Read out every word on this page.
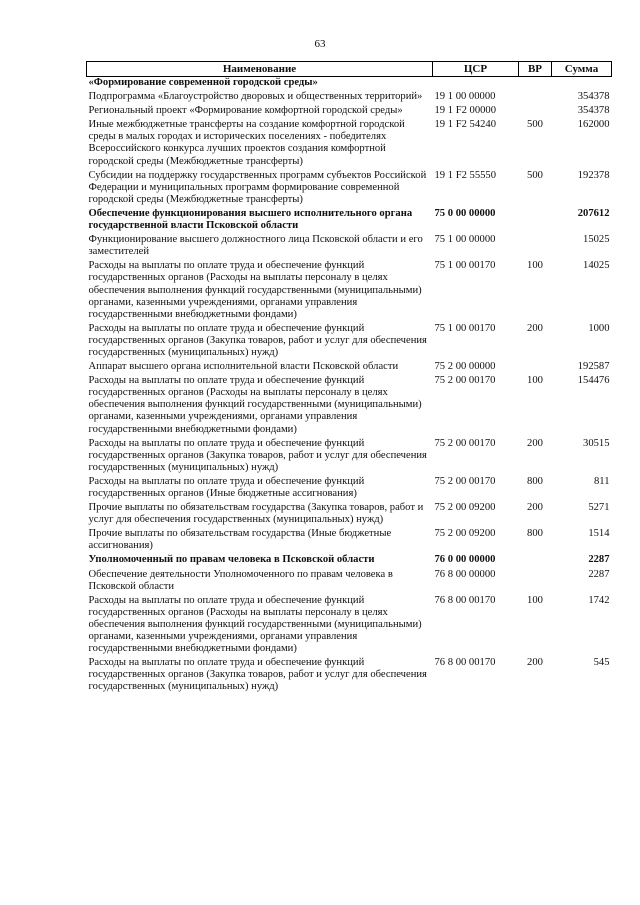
63
Наименование	ЦСР	ВР	Сумма
«Формирование современной городской среды»			
Подпрограмма «Благоустройство дворовых и общественных территорий»	19 1 00 00000		354378
Региональный проект «Формирование комфортной городской среды»	19 1 F2 00000		354378
Иные межбюджетные трансферты на создание комфортной городской среды в малых городах и исторических поселениях - победителях Всероссийского конкурса лучших проектов создания комфортной городской среды (Межбюджетные трансферты)	19 1 F2 54240	500	162000
Субсидии на поддержку государственных программ субъектов Российской Федерации и муниципальных программ формирование современной городской среды (Межбюджетные трансферты)	19 1 F2 55550	500	192378
Обеспечение функционирования высшего исполнительного органа государственной власти Псковской области	75 0 00 00000		207612
Функционирование высшего должностного лица Псковской области и его заместителей	75 1 00 00000		15025
Расходы на выплаты по оплате труда и обеспечение функций государственных органов (Расходы на выплаты персоналу в целях обеспечения выполнения функций государственными (муниципальными) органами, казенными учреждениями, органами управления государственными внебюджетными фондами)	75 1 00 00170	100	14025
Расходы на выплаты по оплате труда и обеспечение функций государственных органов (Закупка товаров, работ и услуг для обеспечения государственных (муниципальных) нужд)	75 1 00 00170	200	1000
Аппарат высшего органа исполнительной власти Псковской области	75 2 00 00000		192587
Расходы на выплаты по оплате труда и обеспечение функций государственных органов (Расходы на выплаты персоналу в целях обеспечения выполнения функций государственными (муниципальными) органами, казенными учреждениями, органами управления государственными внебюджетными фондами)	75 2 00 00170	100	154476
Расходы на выплаты по оплате труда и обеспечение функций государственных органов (Закупка товаров, работ и услуг для обеспечения государственных (муниципальных) нужд)	75 2 00 00170	200	30515
Расходы на выплаты по оплате труда и обеспечение функций государственных органов (Иные бюджетные ассигнования)	75 2 00 00170	800	811
Прочие выплаты по обязательствам государства (Закупка товаров, работ и услуг для обеспечения государственных (муниципальных) нужд)	75 2 00 09200	200	5271
Прочие выплаты по обязательствам государства (Иные бюджетные ассигнования)	75 2 00 09200	800	1514
Уполномоченный по правам человека в Псковской области	76 0 00 00000		2287
Обеспечение деятельности Уполномоченного по правам человека в Псковской области	76 8 00 00000		2287
Расходы на выплаты по оплате труда и обеспечение функций государственных органов (Расходы на выплаты персоналу в целях обеспечения выполнения функций государственными (муниципальными) органами, казенными учреждениями, органами управления государственными внебюджетными фондами)	76 8 00 00170	100	1742
Расходы на выплаты по оплате труда и обеспечение функций государственных органов (Закупка товаров, работ и услуг для обеспечения государственных (муниципальных) нужд)	76 8 00 00170	200	545
